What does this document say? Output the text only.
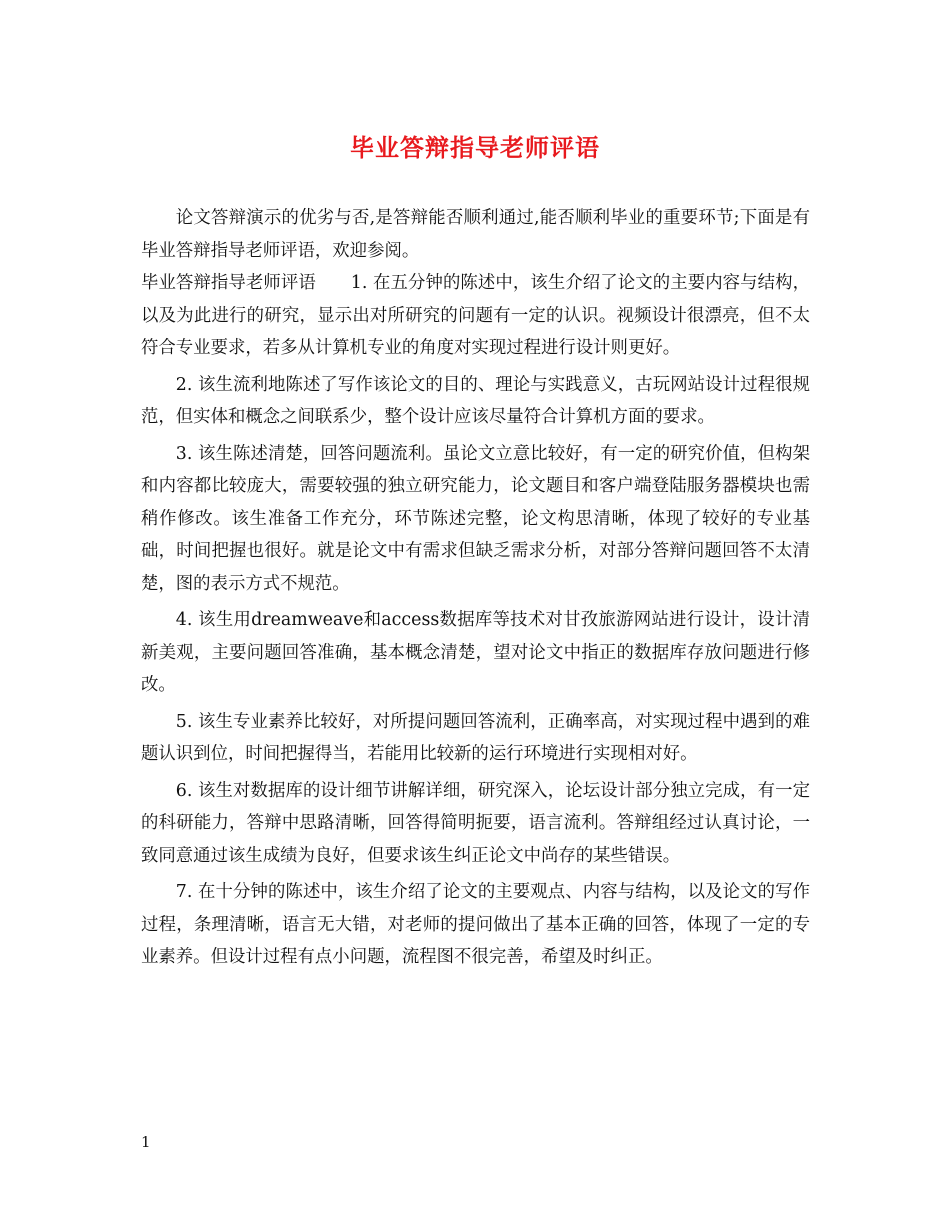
毕业答辩指导老师评语

论文答辩演示的优劣与否,是答辩能否顺利通过,能否顺利毕业的重要环节;下面是有毕业答辩指导老师评语，欢迎参阅。

毕业答辩指导老师评语　　1. 在五分钟的陈述中，该生介绍了论文的主要内容与结构，以及为此进行的研究，显示出对所研究的问题有一定的认识。视频设计很漂亮，但不太符合专业要求，若多从计算机专业的角度对实现过程进行设计则更好。

2. 该生流利地陈述了写作该论文的目的、理论与实践意义，古玩网站设计过程很规范，但实体和概念之间联系少，整个设计应该尽量符合计算机方面的要求。

3. 该生陈述清楚，回答问题流利。虽论文立意比较好，有一定的研究价值，但构架和内容都比较庞大，需要较强的独立研究能力，论文题目和客户端登陆服务器模块也需稍作修改。该生准备工作充分，环节陈述完整，论文构思清晰，体现了较好的专业基础，时间把握也很好。就是论文中有需求但缺乏需求分析，对部分答辩问题回答不太清楚，图的表示方式不规范。

4. 该生用dreamweave和access数据库等技术对甘孜旅游网站进行设计，设计清新美观，主要问题回答准确，基本概念清楚，望对论文中指正的数据库存放问题进行修改。

5. 该生专业素养比较好，对所提问题回答流利，正确率高，对实现过程中遇到的难题认识到位，时间把握得当，若能用比较新的运行环境进行实现相对好。

6. 该生对数据库的设计细节讲解详细，研究深入，论坛设计部分独立完成，有一定的科研能力，答辩中思路清晰，回答得简明扼要，语言流利。答辩组经过认真讨论，一致同意通过该生成绩为良好，但要求该生纠正论文中尚存的某些错误。

7. 在十分钟的陈述中，该生介绍了论文的主要观点、内容与结构，以及论文的写作过程，条理清晰，语言无大错，对老师的提问做出了基本正确的回答，体现了一定的专业素养。但设计过程有点小问题，流程图不很完善，希望及时纠正。

1
